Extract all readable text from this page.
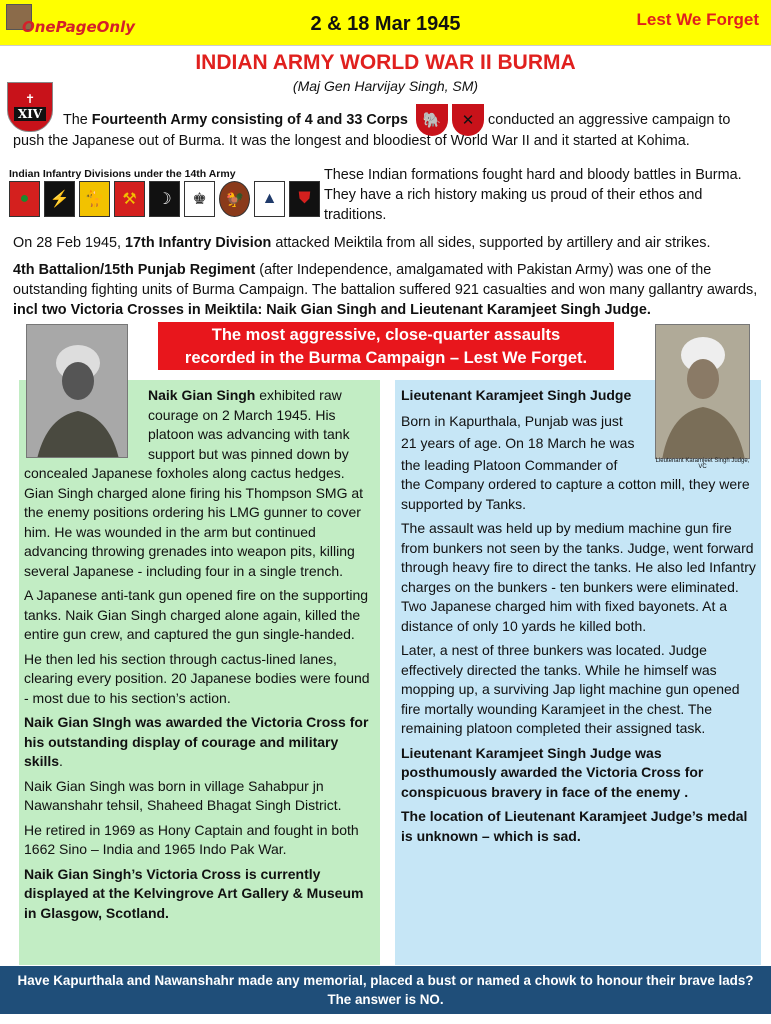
OnePageOnly	2 & 18 Mar 1945	Lest We Forget
INDIAN ARMY WORLD WAR II BURMA
(Maj Gen Harvijay Singh, SM)
✝
XIV The Fourteenth Army consisting of 4 and 33 Corps 🐘	✕ conducted an aggressive campaign to
push the Japanese out of Burma. It was the longest and bloodiest of World War II and it started at Kohima.
Indian Infantry Divisions under the 14th Army
●	⚡ 🐈	⚒	☽	♚	🐓	▲	⛊
These Indian formations fought hard and bloody battles in Burma. They have a rich history making us proud of their ethos and traditions.
On 28 Feb 1945, 17th Infantry Division attacked Meiktila from all sides, supported by artillery and air strikes.
4th Battalion/15th Punjab Regiment (after Independence, amalgamated with Pakistan Army) was one of the outstanding fighting units of Burma Campaign. The battalion suffered 921 casualties and won many gallantry awards, incl two Victoria Crosses in Meiktila: Naik Gian Singh and Lieutenant Karamjeet Singh Judge.
The most aggressive, close-quarter assaults
recorded in the Burma Campaign – Lest We Forget.
Lieutenant Karamjeet Singh Judge, VC
Naik Gian Singh exhibited raw courage on 2 March 1945. His platoon was advancing with tank support but was pinned down by

concealed Japanese foxholes along cactus hedges. Gian Singh charged alone firing his Thompson SMG at the enemy positions ordering his LMG gunner to cover him. He was wounded in the arm but continued advancing throwing grenades into weapon pits, killing several Japanese - including four in a single trench.

A Japanese anti-tank gun opened fire on the supporting tanks. Naik Gian Singh charged alone again, killed the entire gun crew, and captured the gun single-handed.

He then led his section through cactus-lined lanes, clearing every position. 20 Japanese bodies were found - most due to his section’s action.

Naik Gian SIngh was awarded the Victoria Cross for his outstanding display of courage and military skills.

Naik Gian Singh was born in village Sahabpur jn Nawanshahr tehsil, Shaheed Bhagat Singh District.

He retired in 1969 as Hony Captain and fought in both 1662 Sino – India and 1965 Indo Pak War.

Naik Gian Singh’s Victoria Cross is currently displayed at the Kelvingrove Art Gallery & Museum in Glasgow, Scotland.

Lieutenant Karamjeet Singh Judge
Born in Kapurthala, Punjab was just
21 years of age. On 18 March he was
the leading Platoon Commander of

the Company ordered to capture a cotton mill, they were supported by Tanks.

The assault was held up by medium machine gun fire from bunkers not seen by the tanks. Judge, went forward through heavy fire to direct the tanks. He also led Infantry charges on the bunkers - ten bunkers were eliminated. Two Japanese charged him with fixed bayonets. At a distance of only 10 yards he killed both.

Later, a nest of three bunkers was located. Judge effectively directed the tanks. While he himself was mopping up, a surviving Jap light machine gun opened fire mortally wounding Karamjeet in the chest. The remaining platoon completed their assigned task.

Lieutenant Karamjeet Singh Judge was posthumously awarded the Victoria Cross for conspicuous bravery in face of the enemy .

The location of Lieutenant Karamjeet Judge’s medal is unknown – which is sad.

Have Kapurthala and Nawanshahr made any memorial, placed a bust or named a chowk to honour their brave lads?
The answer is NO.
